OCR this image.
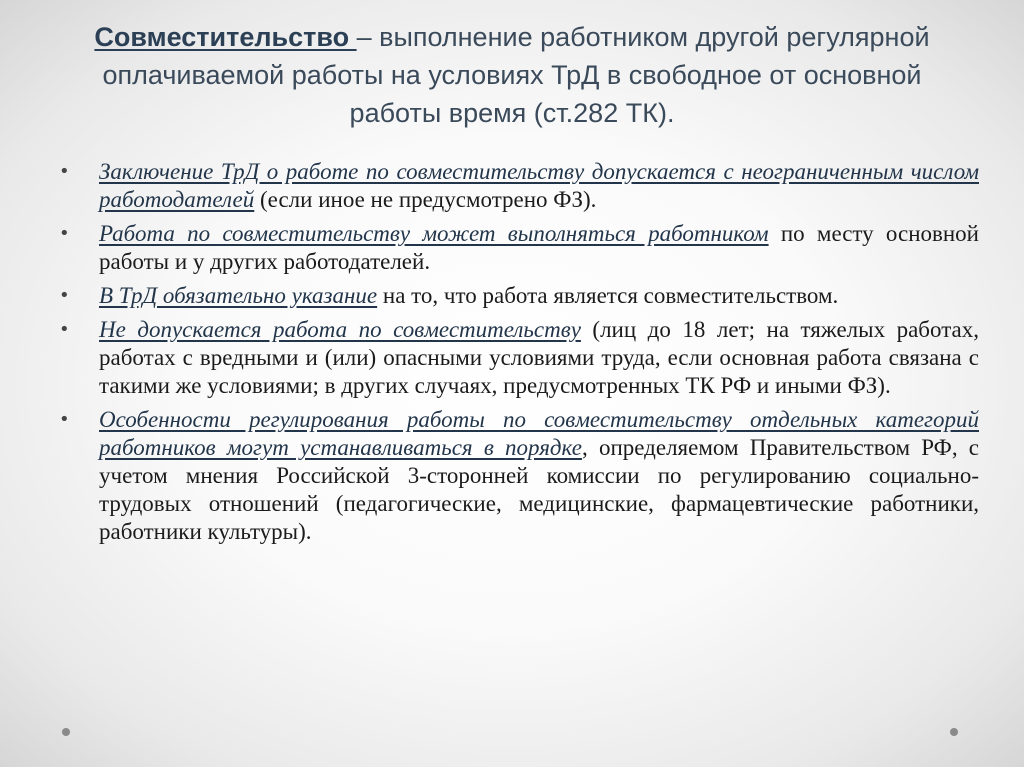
Совместительство – выполнение работником другой регулярной оплачиваемой работы на условиях ТрД в свободное от основной работы время (ст.282 ТК).
•	Заключение ТрД о работе по совместительству допускается с неограниченным числом работодателей (если иное не предусмотрено ФЗ).
•	Работа по совместительству может выполняться работником по месту основной работы и у других работодателей.
•	В ТрД обязательно указание на то, что работа является совместительством.
•	Не допускается работа по совместительству (лиц до 18 лет; на тяжелых работах, работах с вредными и (или) опасными условиями труда, если основная работа связана с такими же условиями; в других случаях, предусмотренных ТК РФ и иными ФЗ).
•	Особенности регулирования работы по совместительству отдельных категорий работников могут устанавливаться в порядке, определяемом Правительством РФ, с учетом мнения Российской 3-сторонней комиссии по регулированию социально-трудовых отношений (педагогические, медицинские, фармацевтические работники, работники культуры).
